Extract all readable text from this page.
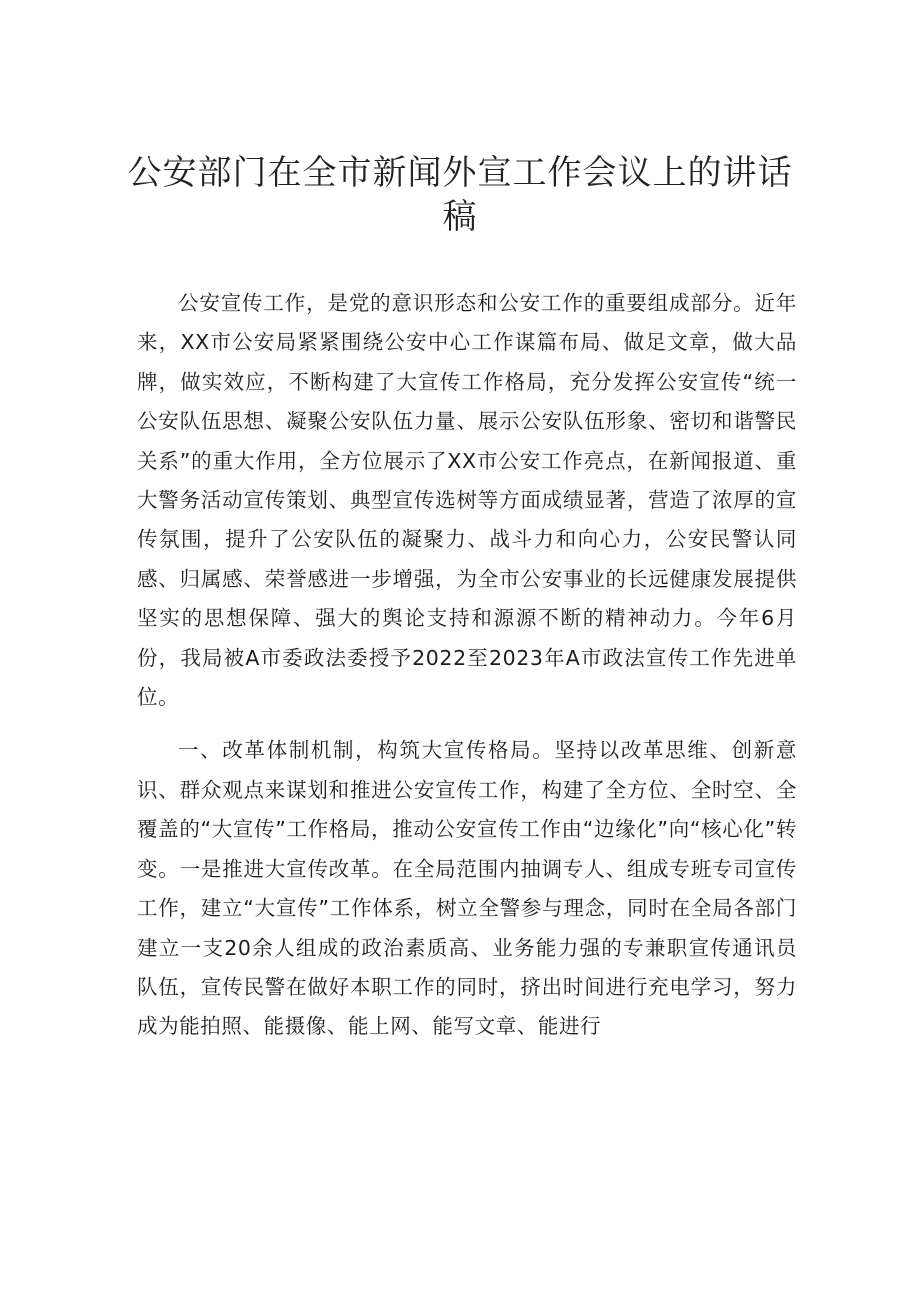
公安部门在全市新闻外宣工作会议上的讲话稿

公安宣传工作，是党的意识形态和公安工作的重要组成部分。近年来，XX市公安局紧紧围绕公安中心工作谋篇布局、做足文章，做大品牌，做实效应，不断构建了大宣传工作格局，充分发挥公安宣传“统一公安队伍思想、凝聚公安队伍力量、展示公安队伍形象、密切和谐警民关系”的重大作用，全方位展示了XX市公安工作亮点，在新闻报道、重大警务活动宣传策划、典型宣传选树等方面成绩显著，营造了浓厚的宣传氛围，提升了公安队伍的凝聚力、战斗力和向心力，公安民警认同感、归属感、荣誉感进一步增强，为全市公安事业的长远健康发展提供坚实的思想保障、强大的舆论支持和源源不断的精神动力。今年6月份，我局被A市委政法委授予2022至2023年A市政法宣传工作先进单位。

一、改革体制机制，构筑大宣传格局。坚持以改革思维、创新意识、群众观点来谋划和推进公安宣传工作，构建了全方位、全时空、全覆盖的“大宣传”工作格局，推动公安宣传工作由“边缘化”向“核心化”转变。一是推进大宣传改革。在全局范围内抽调专人、组成专班专司宣传工作，建立“大宣传”工作体系，树立全警参与理念，同时在全局各部门建立一支20余人组成的政治素质高、业务能力强的专兼职宣传通讯员队伍，宣传民警在做好本职工作的同时，挤出时间进行充电学习，努力成为能拍照、能摄像、能上网、能写文章、能进行
